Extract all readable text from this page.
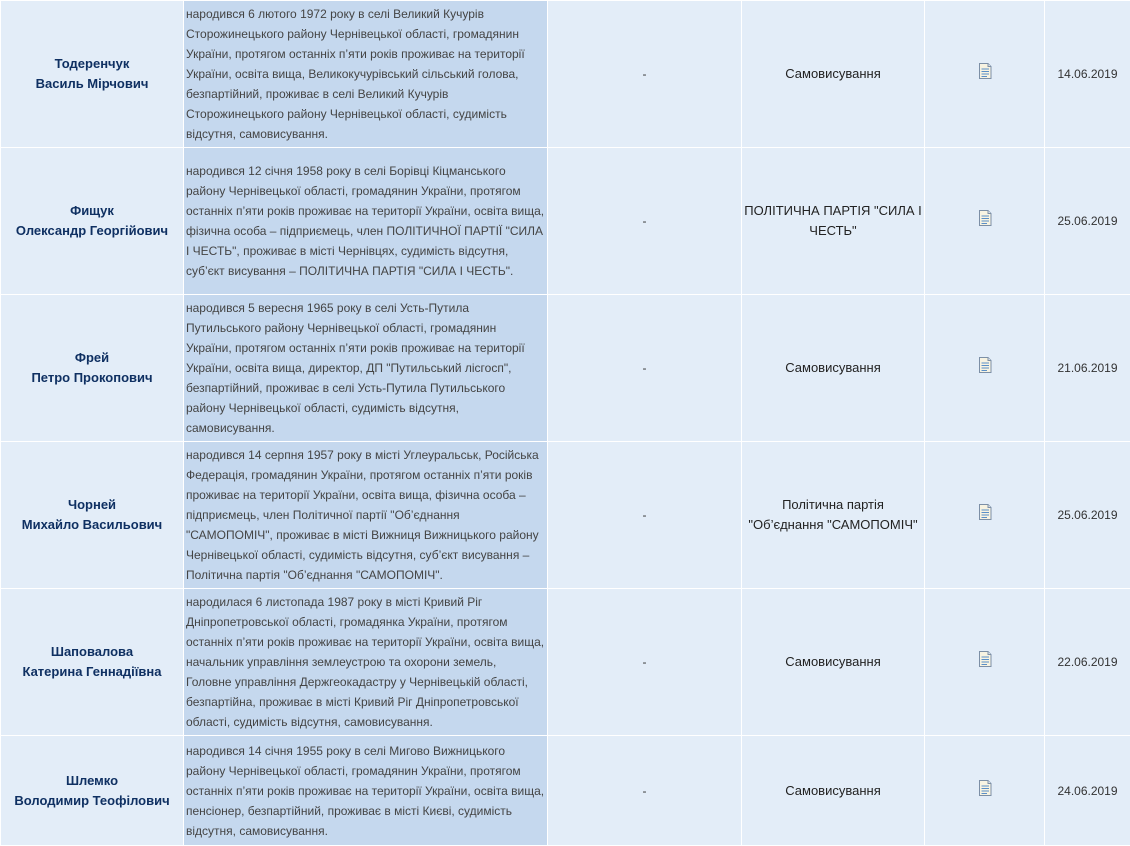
Тодеренчук
Василь Мірчович	народився 6 лютого 1972 року в селі Великий Кучурів Сторожинецького району Чернівецької області, громадянин України, протягом останніх п’яти років проживає на території України, освіта вища, Великокучурівський сільський голова, безпартійний, проживає в селі Великий Кучурів Сторожинецького району Чернівецької області, судимість відсутня, самовисування.	-	Самовисування		14.06.2019

Фищук
Олександр Георгійович	народився 12 січня 1958 року в селі Борівці Кіцманського району Чернівецької області, громадянин України, протягом останніх п’яти років проживає на території України, освіта вища, фізична особа – підприємець, член ПОЛІТИЧНОЇ ПАРТІЇ "СИЛА І ЧЕСТЬ", проживає в місті Чернівцях, судимість відсутня, суб’єкт висування – ПОЛІТИЧНА ПАРТІЯ "СИЛА І ЧЕСТЬ".	-	ПОЛІТИЧНА ПАРТІЯ "СИЛА І ЧЕСТЬ"		25.06.2019

Фрей
Петро Прокопович	народився 5 вересня 1965 року в селі Усть-Путила Путильського району Чернівецької області, громадянин України, протягом останніх п’яти років проживає на території України, освіта вища, директор, ДП "Путильський лісгосп", безпартійний, проживає в селі Усть-Путила Путильського району Чернівецької області, судимість відсутня, самовисування.	-	Самовисування		21.06.2019

Чорней
Михайло Васильович	народився 14 серпня 1957 року в місті Углеуральськ, Російська Федерація, громадянин України, протягом останніх п’яти років проживає на території України, освіта вища, фізична особа – підприємець, член Політичної партії "Об’єднання "САМОПОМІЧ", проживає в місті Вижниця Вижницького району Чернівецької області, судимість відсутня, суб’єкт висування – Політична партія "Об’єднання "САМОПОМІЧ".	-	Політична партія "Об’єднання "САМОПОМІЧ"		25.06.2019

Шаповалова
Катерина Геннадіївна	народилася 6 листопада 1987 року в місті Кривий Ріг Дніпропетровської області, громадянка України, протягом останніх п’яти років проживає на території України, освіта вища, начальник управління землеустрою та охорони земель, Головне управління Держгеокадастру у Чернівецькій області, безпартійна, проживає в місті Кривий Ріг Дніпропетровської області, судимість відсутня, самовисування.	-	Самовисування		22.06.2019

Шлемко
Володимир Теофілович	народився 14 січня 1955 року в селі Мигово Вижницького району Чернівецької області, громадянин України, протягом останніх п’яти років проживає на території України, освіта вища, пенсіонер, безпартійний, проживає в місті Києві, судимість відсутня, самовисування.	-	Самовисування		24.06.2019
